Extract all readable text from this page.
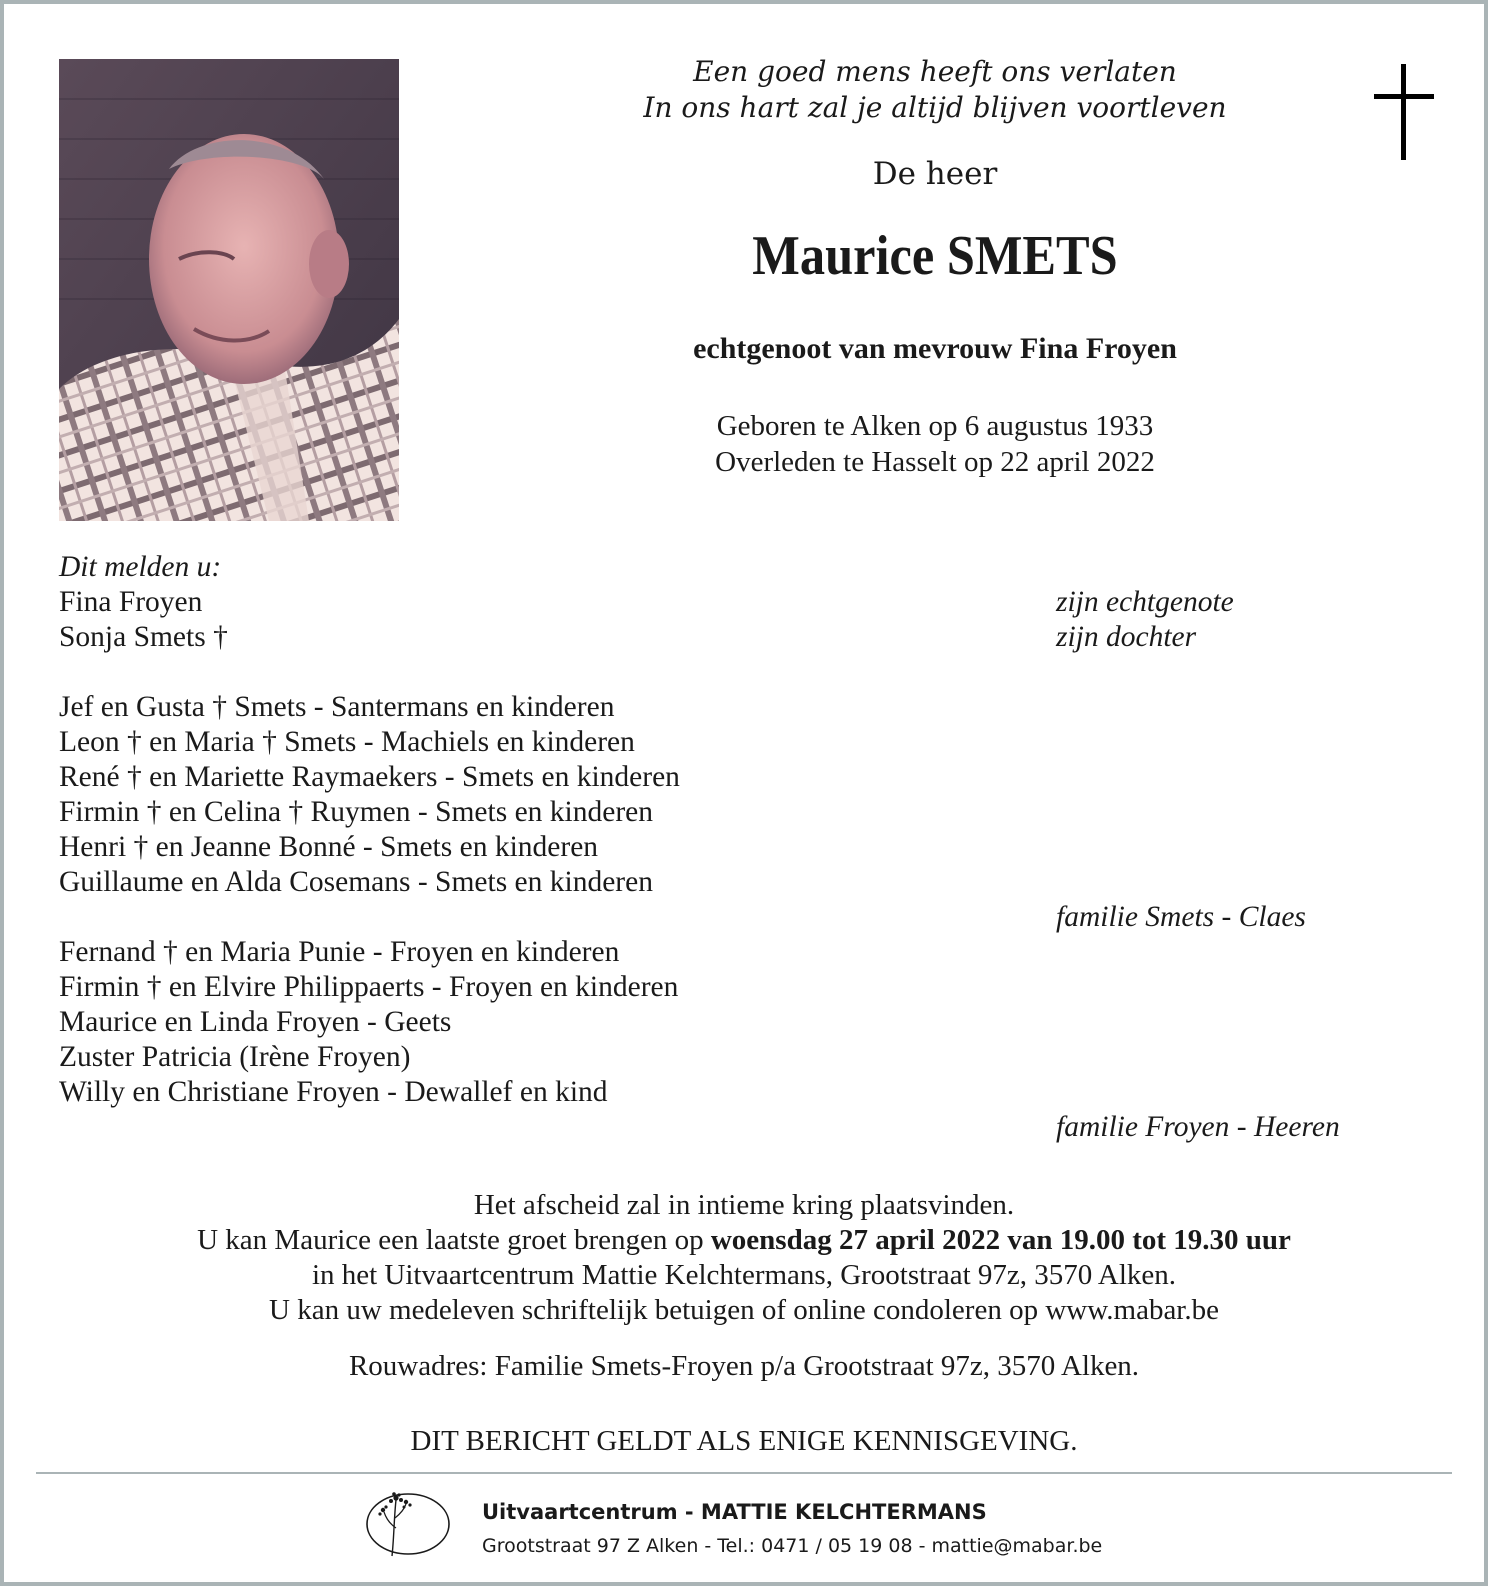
Een goed mens heeft ons verlaten
In ons hart zal je altijd blijven voortleven
De heer
Maurice SMETS
echtgenoot van mevrouw Fina Froyen
Geboren te Alken op 6 augustus 1933
Overleden te Hasselt op 22 april 2022
Dit melden u:
Fina Froyen	zijn echtgenote
Sonja Smets †	zijn dochter
Jef en Gusta † Smets - Santermans en kinderen
Leon † en Maria † Smets - Machiels en kinderen
René † en Mariette Raymaekers - Smets en kinderen
Firmin † en Celina † Ruymen - Smets en kinderen
Henri † en Jeanne Bonné - Smets en kinderen
Guillaume en Alda Cosemans - Smets en kinderen
familie Smets - Claes
Fernand † en Maria Punie - Froyen en kinderen
Firmin † en Elvire Philippaerts - Froyen en kinderen
Maurice en Linda Froyen - Geets
Zuster Patricia (Irène Froyen)
Willy en Christiane Froyen - Dewallef en kind
familie Froyen - Heeren
Het afscheid zal in intieme kring plaatsvinden.
U kan Maurice een laatste groet brengen op woensdag 27 april 2022 van 19.00 tot 19.30 uur
in het Uitvaartcentrum Mattie Kelchtermans, Grootstraat 97z, 3570 Alken.
U kan uw medeleven schriftelijk betuigen of online condoleren op www.mabar.be
Rouwadres: Familie Smets-Froyen p/a Grootstraat 97z, 3570 Alken.
DIT BERICHT GELDT ALS ENIGE KENNISGEVING.
Uitvaartcentrum - MATTIE KELCHTERMANS
Grootstraat 97 Z Alken - Tel.: 0471 / 05 19 08 - mattie@mabar.be
